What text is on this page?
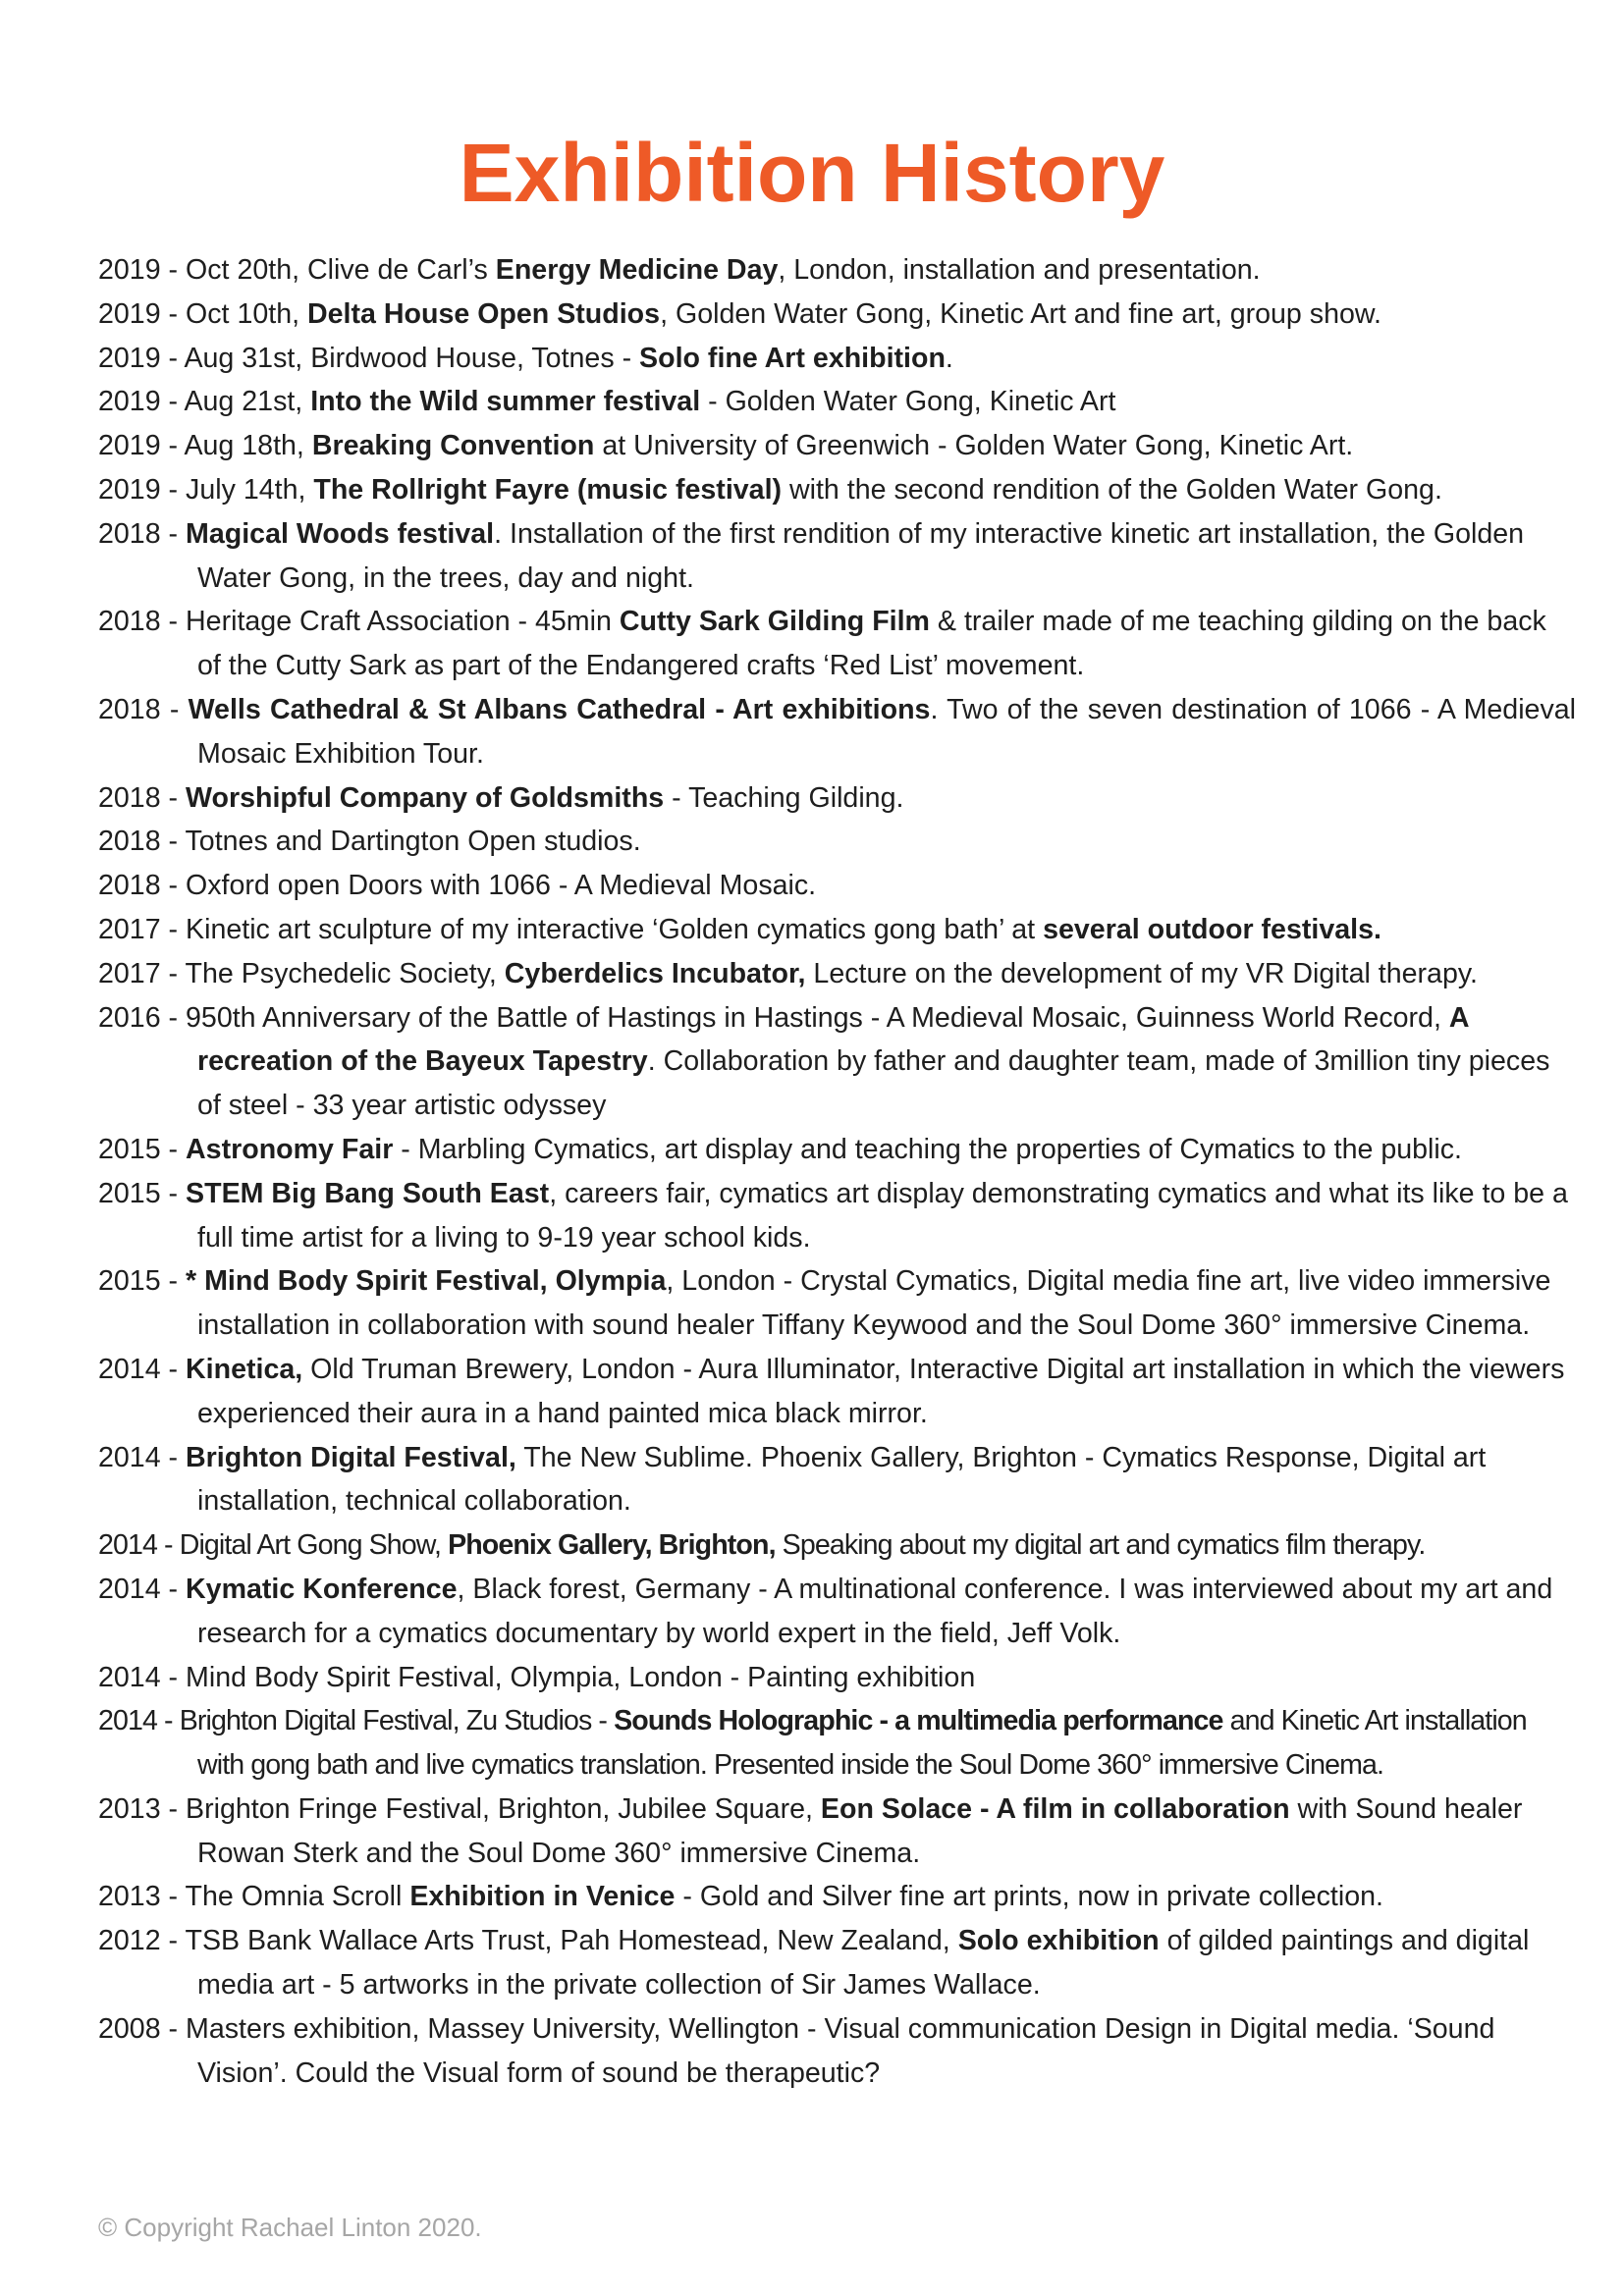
Exhibition History
2019 - Oct 20th, Clive de Carl’s Energy Medicine Day, London, installation and presentation.
2019 - Oct 10th, Delta House Open Studios, Golden Water Gong, Kinetic Art and fine art, group show.
2019 - Aug 31st, Birdwood House, Totnes - Solo fine Art exhibition.
2019 - Aug 21st, Into the Wild summer festival - Golden Water Gong, Kinetic Art
2019 - Aug 18th, Breaking Convention at University of Greenwich - Golden Water Gong, Kinetic Art.
2019 - July 14th, The Rollright Fayre (music festival) with the second rendition of the Golden Water Gong.
2018 - Magical Woods festival. Installation of the first rendition of my interactive kinetic art installation, the Golden Water Gong, in the trees, day and night.
2018 - Heritage Craft Association - 45min Cutty Sark Gilding Film & trailer made of me teaching gilding on the back of the Cutty Sark as part of the Endangered crafts ‘Red List’ movement.
2018 - Wells Cathedral & St Albans Cathedral - Art exhibitions. Two of the seven destination of 1066 - A Medieval Mosaic Exhibition Tour.
2018 - Worshipful Company of Goldsmiths - Teaching Gilding.
2018 - Totnes and Dartington Open studios.
2018 - Oxford open Doors with 1066 - A Medieval Mosaic.
2017 - Kinetic art sculpture of my interactive ‘Golden cymatics gong bath’ at several outdoor festivals.
2017 - The Psychedelic Society, Cyberdelics Incubator, Lecture on the development of my VR Digital therapy.
2016 - 950th Anniversary of the Battle of Hastings in Hastings - A Medieval Mosaic, Guinness World Record, A recreation of the Bayeux Tapestry. Collaboration by father and daughter team, made of 3million tiny pieces of steel - 33 year artistic odyssey
2015 - Astronomy Fair - Marbling Cymatics, art display and teaching the properties of Cymatics to the public.
2015 - STEM Big Bang South East, careers fair, cymatics art display demonstrating cymatics and what its like to be a full time artist for a living to 9-19 year school kids.
2015 - * Mind Body Spirit Festival, Olympia, London - Crystal Cymatics, Digital media fine art, live video immersive installation in collaboration with sound healer Tiffany Keywood and the Soul Dome 360° immersive Cinema.
2014 - Kinetica, Old Truman Brewery, London - Aura Illuminator, Interactive Digital art installation in which the viewers experienced their aura in a hand painted mica black mirror.
2014 - Brighton Digital Festival, The New Sublime. Phoenix Gallery, Brighton - Cymatics Response, Digital art installation, technical collaboration.
2014 - Digital Art Gong Show, Phoenix Gallery, Brighton, Speaking about my digital art and cymatics film therapy.
2014 - Kymatic Konference, Black forest, Germany - A multinational conference. I was interviewed about my art and research for a cymatics documentary by world expert in the field, Jeff Volk.
2014 - Mind Body Spirit Festival, Olympia, London - Painting exhibition
2014 - Brighton Digital Festival, Zu Studios - Sounds Holographic - a multimedia performance and Kinetic Art installation with gong bath and live cymatics translation. Presented inside the Soul Dome 360° immersive Cinema.
2013 - Brighton Fringe Festival, Brighton, Jubilee Square, Eon Solace - A film in collaboration with Sound healer Rowan Sterk and the Soul Dome 360° immersive Cinema.
2013 - The Omnia Scroll Exhibition in Venice - Gold and Silver fine art prints, now in private collection.
2012 - TSB Bank Wallace Arts Trust, Pah Homestead, New Zealand, Solo exhibition of gilded paintings and digital media art - 5 artworks in the private collection of Sir James Wallace.
2008 - Masters exhibition, Massey University, Wellington - Visual communication Design in Digital media. ‘Sound Vision’. Could the Visual form of sound be therapeutic?
© Copyright Rachael Linton 2020.
